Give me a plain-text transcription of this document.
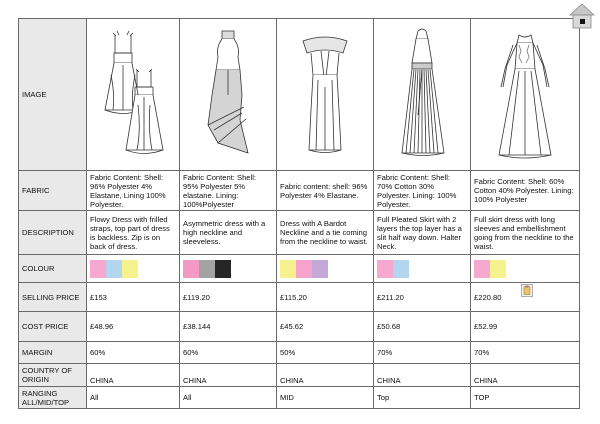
IMAGE	

FABRIC	Fabric Content: Shell: 96% Polyester 4% Elastane, Lining 100% Polyester.	Fabric Content: Shell: 95% Polyester 5% elastane. Lining: 100%Polyester	Fabric content: shell: 96% Polyester 4% Elastane.	Fabric Content: Shell: 70% Cotton 30% Polyester. Lining: 100% Polyester.	Fabric Content: Shell: 60% Cotton 40% Polyester. Lining: 100% Polyester
DESCRIPTION	Flowy Dress with frilled straps, top part of dress is backless. Zip is on back of dress.	Asymmetric dress with a high neckline and sleeveless.	Dress with A Bardot Neckline and a tie coming from the neckline to waist.	Full Pleated Skirt with 2 layers the top layer has a slit half way down. Halter Neck.	Full skirt dress with long sleeves and embellishment going from the neckline to the waist.
COLOUR					
SELLING PRICE	£153	£119.20	£115.20	£211.20	£220.80
COST PRICE	£48.96	£38.144	£45.62	£50.68	£52.99
MARGIN	60%	60%	50%	70%	70%
COUNTRY OF ORIGIN	CHINA	CHINA	CHINA	CHINA	CHINA
RANGING ALL/MID/TOP	All	All	MID	Top	TOP
